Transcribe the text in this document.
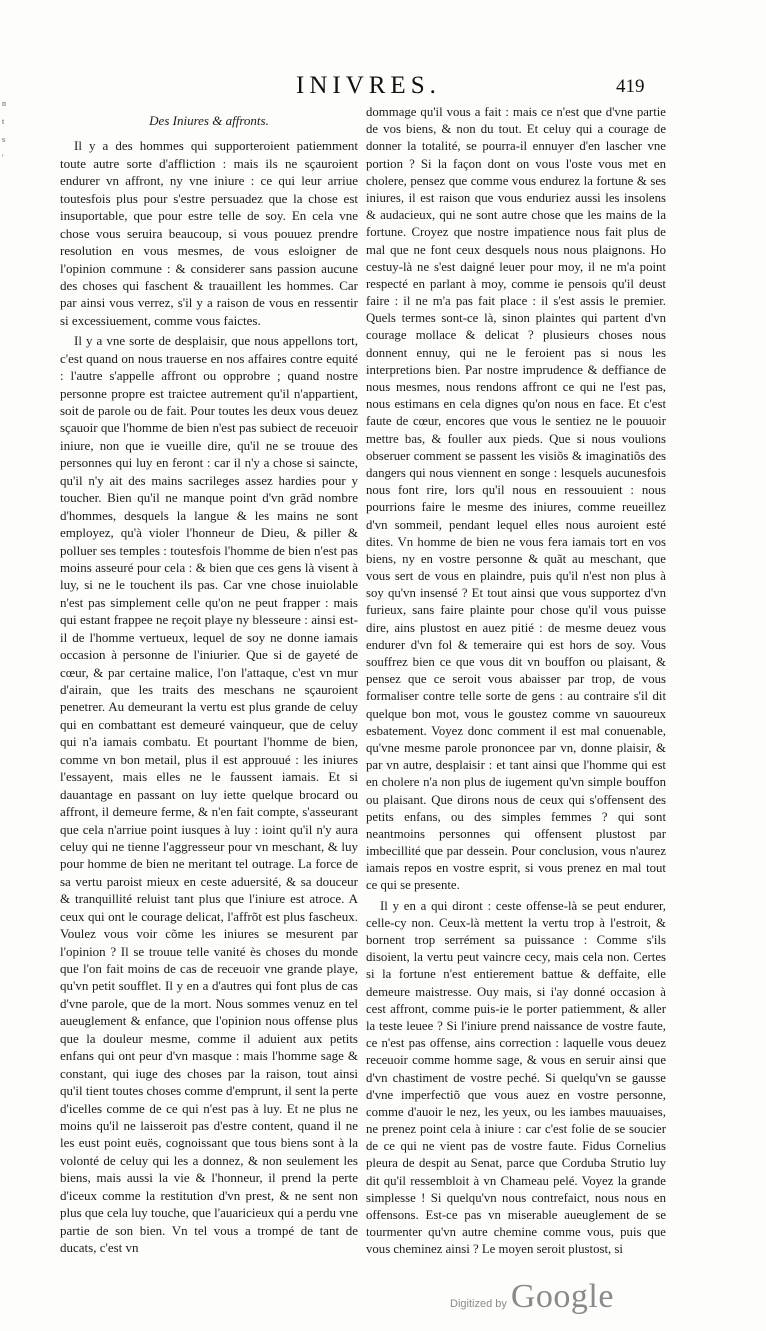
n
t
s
'
INIVRES.	419
Des Iniures & affronts.

Il y a des hommes qui supporteroient patiemment toute autre sorte d'affliction : mais ils ne sçauroient endurer vn affront, ny vne iniure : ce qui leur arriue toutesfois plus pour s'estre persuadez que la chose est insuportable, que pour estre telle de soy. En cela vne chose vous seruira beaucoup, si vous pouuez prendre resolution en vous mesmes, de vous esloigner de l'opinion commune : & considerer sans passion aucune des choses qui faschent & trauaillent les hommes. Car par ainsi vous verrez, s'il y a raison de vous en ressentir si excessiuement, comme vous faictes.

Il y a vne sorte de desplaisir, que nous appellons tort, c'est quand on nous trauerse en nos affaires contre equité : l'autre s'appelle affront ou opprobre ; quand nostre personne propre est traictee autrement qu'il n'appartient, soit de parole ou de fait. Pour toutes les deux vous deuez sçauoir que l'homme de bien n'est pas subiect de receuoir iniure, non que ie vueille dire, qu'il ne se trouue des personnes qui luy en feront : car il n'y a chose si saincte, qu'il n'y ait des mains sacrileges assez hardies pour y toucher. Bien qu'il ne manque point d'vn grãd nombre d'hommes, desquels la langue & les mains ne sont employez, qu'à violer l'honneur de Dieu, & piller & polluer ses temples : toutesfois l'homme de bien n'est pas moins asseuré pour cela : & bien que ces gens là visent à luy, si ne le touchent ils pas. Car vne chose inuiolable n'est pas simplement celle qu'on ne peut frapper : mais qui estant frappee ne reçoit playe ny blesseure : ainsi est-il de l'homme vertueux, lequel de soy ne donne iamais occasion à personne de l'iniurier. Que si de gayeté de cœur, & par certaine malice, l'on l'attaque, c'est vn mur d'airain, que les traits des meschans ne sçauroient penetrer. Au demeurant la vertu est plus grande de celuy qui en combattant est demeuré vainqueur, que de celuy qui n'a iamais combatu. Et pourtant l'homme de bien, comme vn bon metail, plus il est approuué : les iniures l'essayent, mais elles ne le faussent iamais. Et si dauantage en passant on luy iette quelque brocard ou affront, il demeure ferme, & n'en fait compte, s'asseurant que cela n'arriue point iusques à luy : ioint qu'il n'y aura celuy qui ne tienne l'aggresseur pour vn meschant, & luy pour homme de bien ne meritant tel outrage. La force de sa vertu paroist mieux en ceste aduersité, & sa douceur & tranquillité reluist tant plus que l'iniure est atroce. A ceux qui ont le courage delicat, l'affrõt est plus fascheux. Voulez vous voir cõme les iniures se mesurent par l'opinion ? Il se trouue telle vanité ès choses du monde que l'on fait moins de cas de receuoir vne grande playe, qu'vn petit soufflet. Il y en a d'autres qui font plus de cas d'vne parole, que de la mort. Nous sommes venuz en tel aueuglement & enfance, que l'opinion nous offense plus que la douleur mesme, comme il aduient aux petits enfans qui ont peur d'vn masque : mais l'homme sage & constant, qui iuge des choses par la raison, tout ainsi qu'il tient toutes choses comme d'emprunt, il sent la perte d'icelles comme de ce qui n'est pas à luy. Et ne plus ne moins qu'il ne laisseroit pas d'estre content, quand il ne les eust point euës, cognoissant que tous biens sont à la volonté de celuy qui les a donnez, & non seulement les biens, mais aussi la vie & l'honneur, il prend la perte d'iceux comme la restitution d'vn prest, & ne sent non plus que cela luy touche, que l'auaricieux qui a perdu vne partie de son bien. Vn tel vous a trompé de tant de ducats, c'est vn

dommage qu'il vous a fait : mais ce n'est que d'vne partie de vos biens, & non du tout. Et celuy qui a courage de donner la totalité, se pourra-il ennuyer d'en lascher vne portion ? Si la façon dont on vous l'oste vous met en cholere, pensez que comme vous endurez la fortune & ses iniures, il est raison que vous enduriez aussi les insolens & audacieux, qui ne sont autre chose que les mains de la fortune. Croyez que nostre impatience nous fait plus de mal que ne font ceux desquels nous nous plaignons. Ho cestuy-là ne s'est daigné leuer pour moy, il ne m'a point respecté en parlant à moy, comme ie pensois qu'il deust faire : il ne m'a pas fait place : il s'est assis le premier. Quels termes sont-ce là, sinon plaintes qui partent d'vn courage mollace & delicat ? plusieurs choses nous donnent ennuy, qui ne le feroient pas si nous les interpretions bien. Par nostre imprudence & deffiance de nous mesmes, nous rendons affront ce qui ne l'est pas, nous estimans en cela dignes qu'on nous en face. Et c'est faute de cœur, encores que vous le sentiez ne le pouuoir mettre bas, & fouller aux pieds. Que si nous voulions obseruer comment se passent les visiõs & imaginatiõs des dangers qui nous viennent en songe : lesquels aucunesfois nous font rire, lors qu'il nous en ressouuient : nous pourrions faire le mesme des iniures, comme reueillez d'vn sommeil, pendant lequel elles nous auroient esté dites. Vn homme de bien ne vous fera iamais tort en vos biens, ny en vostre personne & quãt au meschant, que vous sert de vous en plaindre, puis qu'il n'est non plus à soy qu'vn insensé ? Et tout ainsi que vous supportez d'vn furieux, sans faire plainte pour chose qu'il vous puisse dire, ains plustost en auez pitié : de mesme deuez vous endurer d'vn fol & temeraire qui est hors de soy. Vous souffrez bien ce que vous dit vn bouffon ou plaisant, & pensez que ce seroit vous abaisser par trop, de vous formaliser contre telle sorte de gens : au contraire s'il dit quelque bon mot, vous le goustez comme vn sauoureux esbatement. Voyez donc comment il est mal conuenable, qu'vne mesme parole prononcee par vn, donne plaisir, & par vn autre, desplaisir : et tant ainsi que l'homme qui est en cholere n'a non plus de iugement qu'vn simple bouffon ou plaisant. Que dirons nous de ceux qui s'offensent des petits enfans, ou des simples femmes ? qui sont neantmoins personnes qui offensent plustost par imbecillité que par dessein. Pour conclusion, vous n'aurez iamais repos en vostre esprit, si vous prenez en mal tout ce qui se presente.

Il y en a qui diront : ceste offense-là se peut endurer, celle-cy non. Ceux-là mettent la vertu trop à l'estroit, & bornent trop serrément sa puissance : Comme s'ils disoient, la vertu peut vaincre cecy, mais cela non. Certes si la fortune n'est entierement battue & deffaite, elle demeure maistresse. Ouy mais, si i'ay donné occasion à cest affront, comme puis-ie le porter patiemment, & aller la teste leuee ? Si l'iniure prend naissance de vostre faute, ce n'est pas offense, ains correction : laquelle vous deuez receuoir comme homme sage, & vous en seruir ainsi que d'vn chastiment de vostre peché. Si quelqu'vn se gausse d'vne imperfectiõ que vous auez en vostre personne, comme d'auoir le nez, les yeux, ou les iambes mauuaises, ne prenez point cela à iniure : car c'est folie de se soucier de ce qui ne vient pas de vostre faute. Fidus Cornelius pleura de despit au Senat, parce que Corduba Strutio luy dit qu'il ressembloit à vn Chameau pelé. Voyez la grande simplesse ! Si quelqu'vn nous contrefaict, nous nous en offensons. Est-ce pas vn miserable aueuglement de se tourmenter qu'vn autre chemine comme vous, puis que vous cheminez ainsi ? Le moyen seroit plustost, si

Digitized by Google
